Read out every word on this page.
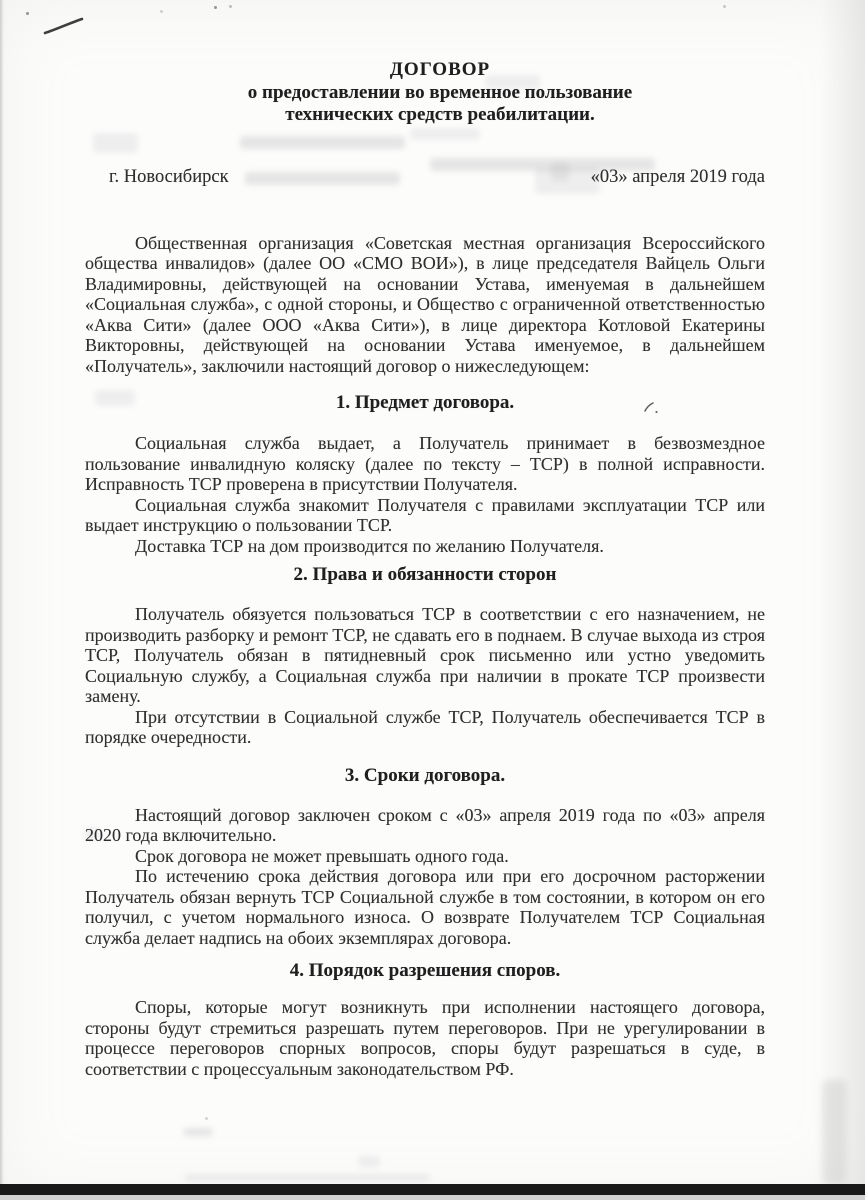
ДОГОВОР
о предоставлении во временное пользование
технических средств реабилитации.
г. Новосибирск	«03» апреля 2019 года

Общественная организация «Советская местная организация Всероссийского общества инвалидов» (далее ОО «СМО ВОИ»), в лице председателя Вайцель Ольги Владимировны, действующей на основании Устава, именуемая в дальнейшем «Социальная служба», с одной стороны, и Общество с ограниченной ответственностью «Аква Сити» (далее ООО «Аква Сити»), в лице директора Котловой Екатерины Викторовны, действующей на основании Устава именуемое, в дальнейшем «Получатель», заключили настоящий договор о нижеследующем:

1. Предмет договора.

Социальная служба выдает, а Получатель принимает в безвозмездное пользование инвалидную коляску (далее по тексту – ТСР) в полной исправности. Исправность ТСР проверена в присутствии Получателя.

Социальная служба знакомит Получателя с правилами эксплуатации ТСР или выдает инструкцию о пользовании ТСР.

Доставка ТСР на дом производится по желанию Получателя.

2. Права и обязанности сторон

Получатель обязуется пользоваться ТСР в соответствии с его назначением, не производить разборку и ремонт ТСР, не сдавать его в поднаем. В случае выхода из строя ТСР, Получатель обязан в пятидневный срок письменно или устно уведомить Социальную службу, а Социальная служба при наличии в прокате ТСР произвести замену.

При отсутствии в Социальной службе ТСР, Получатель обеспечивается ТСР в порядке очередности.

3. Сроки договора.

Настоящий договор заключен сроком с «03» апреля 2019 года по «03» апреля 2020 года включительно.

Срок договора не может превышать одного года.

По истечению срока действия договора или при его досрочном расторжении Получатель обязан вернуть ТСР Социальной службе в том состоянии, в котором он его получил, с учетом нормального износа. О возврате Получателем ТСР Социальная служба делает надпись на обоих экземплярах договора.

4. Порядок разрешения споров.

Споры, которые могут возникнуть при исполнении настоящего договора, стороны будут стремиться разрешать путем переговоров. При не урегулировании в процессе переговоров спорных вопросов, споры будут разрешаться в суде, в соответствии с процессуальным законодательством РФ.
